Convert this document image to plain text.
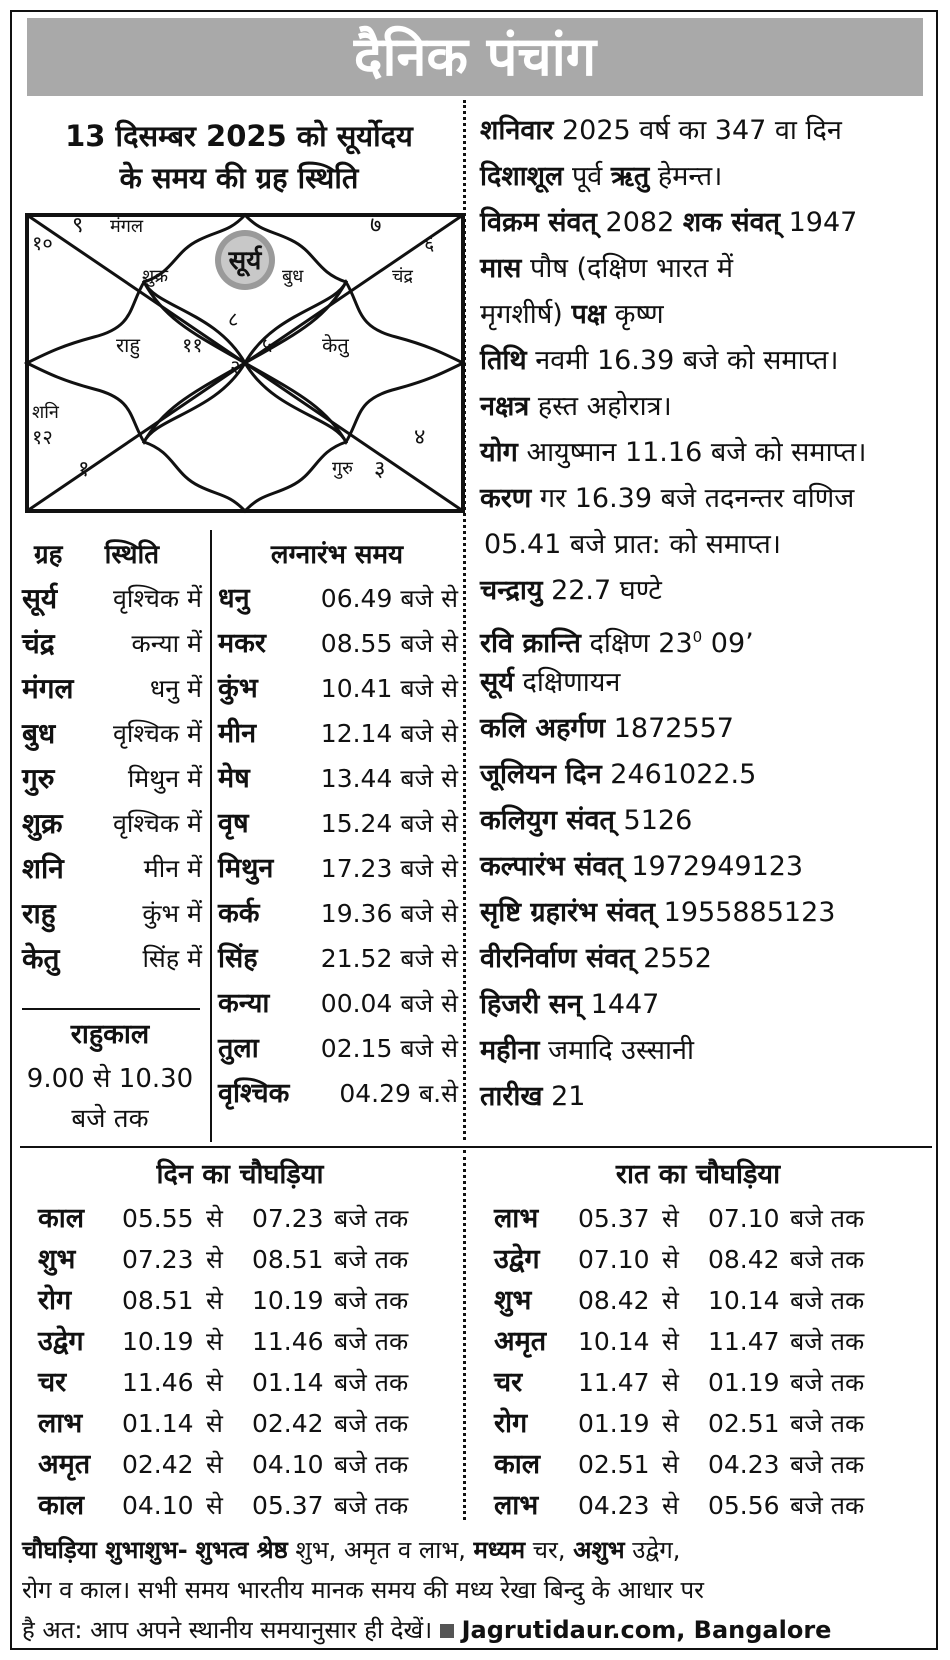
दैनिक पंचांग
13 दिसम्बर 2025 को सूर्योदय
के समय की ग्रह स्थिति
सूर्य
९ मंगल	७
१०	६
चंद्र
शुक्र	बुध
८
राहु ११	५ केतु
२
शनि
१२	४
१	गुरु ३
ग्रह स्थिति
सूर्य	वृश्चिक में
चंद्र	कन्या में
मंगल	धनु में
बुध	वृश्चिक में
गुरु	मिथुन में
शुक्र	वृश्चिक में
शनि	मीन में
राहु	कुंभ में
केतु	सिंह में
राहुकाल
9.00 से 10.30
बजे तक
लग्नारंभ समय
धनु	06.49 बजे से
मकर	08.55 बजे से
कुंभ	10.41 बजे से
मीन	12.14 बजे से
मेष	13.44 बजे से
वृष	15.24 बजे से
मिथुन	17.23 बजे से
कर्क	19.36 बजे से
सिंह	21.52 बजे से
कन्या	00.04 बजे से
तुला	02.15 बजे से
वृश्चिक	04.29 ब.से
शनिवार 2025 वर्ष का 347 वा दिन
दिशाशूल पूर्व ऋतु हेमन्त।
विक्रम संवत् 2082 शक संवत् 1947
मास पौष (दक्षिण भारत में
मृगशीर्ष) पक्ष कृष्ण
तिथि नवमी 16.39 बजे को समाप्त।
नक्षत्र हस्त अहोरात्र।
योग आयुष्मान 11.16 बजे को समाप्त।
करण गर 16.39 बजे तदनन्तर वणिज
05.41 बजे प्रात: को समाप्त।
चन्द्रायु 22.7 घण्टे
रवि क्रान्ति दक्षिण $23^0$ 09’
सूर्य दक्षिणायन
कलि अहर्गण 1872557
जूलियन दिन 2461022.5
कलियुग संवत् 5126
कल्पारंभ संवत् 1972949123
सृष्टि ग्रहारंभ संवत् 1955885123
वीरनिर्वाण संवत् 2552
हिजरी सन् 1447
महीना जमादि उस्सानी
तारीख 21
दिन का चौघड़िया	रात का चौघड़िया
काल 05.55 से 07.23 बजे तक
शुभ 07.23 से 08.51 बजे तक
रोग 08.51 से 10.19 बजे तक
उद्वेग 10.19 से 11.46 बजे तक
चर 11.46 से 01.14 बजे तक
लाभ 01.14 से 02.42 बजे तक
अमृत 02.42 से 04.10 बजे तक
काल 04.10 से 05.37 बजे तक
लाभ 05.37 से 07.10 बजे तक
उद्वेग 07.10 से 08.42 बजे तक
शुभ 08.42 से 10.14 बजे तक
अमृत 10.14 से 11.47 बजे तक
चर 11.47 से 01.19 बजे तक
रोग 01.19 से 02.51 बजे तक
काल 02.51 से 04.23 बजे तक
लाभ 04.23 से 05.56 बजे तक
चौघड़िया शुभाशुभ- शुभत्व श्रेष्ठ शुभ, अमृत व लाभ, मध्यम चर, अशुभ उद्वेग,
रोग व काल। सभी समय भारतीय मानक समय की मध्य रेखा बिन्दु के आधार पर
है अत: आप अपने स्थानीय समयानुसार ही देखें। Jagrutidaur.com, Bangalore
